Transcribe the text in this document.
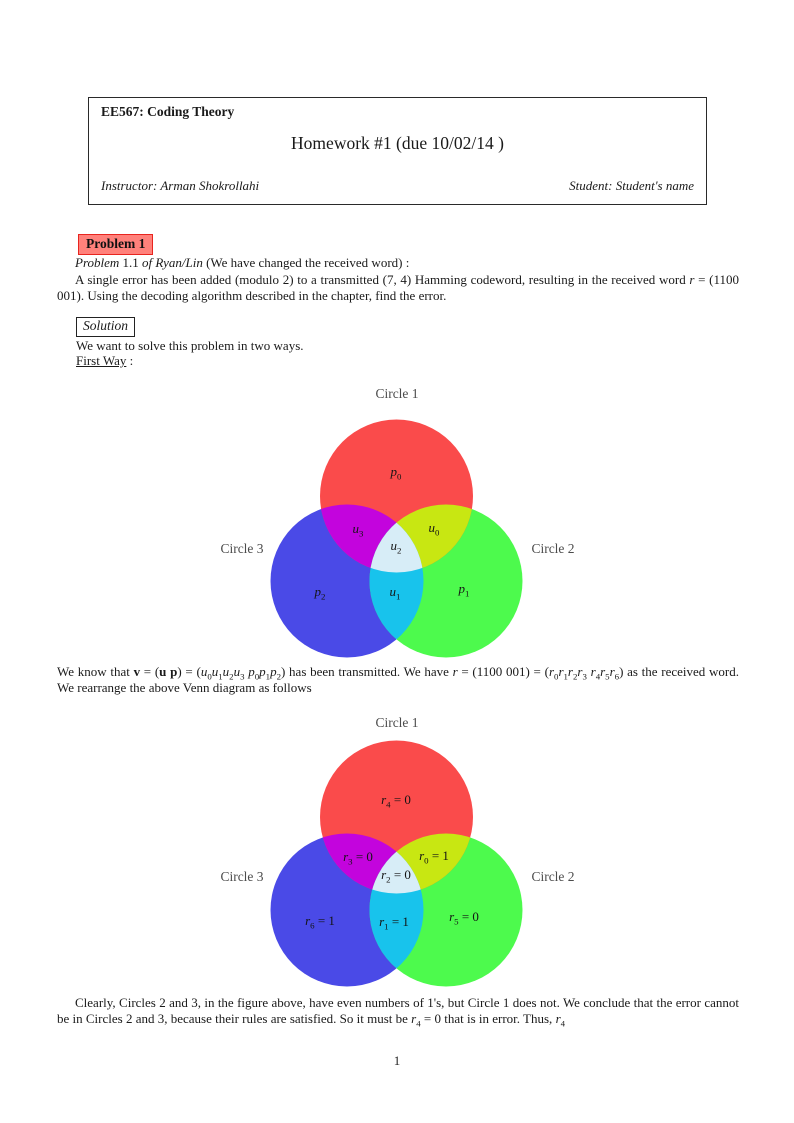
EE567: Coding Theory
Homework #1 (due 10/02/14 )
Instructor: Arman Shokrollahi	Student: Student's name
Problem 1
Problem 1.1 of Ryan/Lin (We have changed the received word) :
A single error has been added (modulo 2) to a transmitted (7, 4) Hamming codeword, resulting in the received word r = (1100 001). Using the decoding algorithm described in the chapter, find the error.
Solution
We want to solve this problem in two ways.
First Way :
Circle 1
Circle 3	Circle 2
$p_0$
$u_3$	$u_0$
$u_2$
$p_2$	$u_1$
$p_1$
We know that v = (u $p) = (u_0u_1u_2u_3$ $p_0p_1p_2$) has been transmitted. We have r = (1100 $001) = (r_0r_1r_2r_3$ $r_4r_5r_6$) as the received word. We rearrange the above Venn diagram as follows
Circle 1
Circle 3	Circle 2
$r_4 = 0$
$r_3 = 0$	$r_0 = 1$
$r_2 = 0$
$r_6 = 1$	$r_1 = 1$	$r_5 = 0$
Clearly, Circles 2 and 3, in the figure above, have even numbers of 1's, but Circle 1 does not. We conclude that the error cannot be in Circles 2 and 3, because their rules are satisfied. So it must be $r_4 = 0$ that is in error. Thus, $r_4$
1
